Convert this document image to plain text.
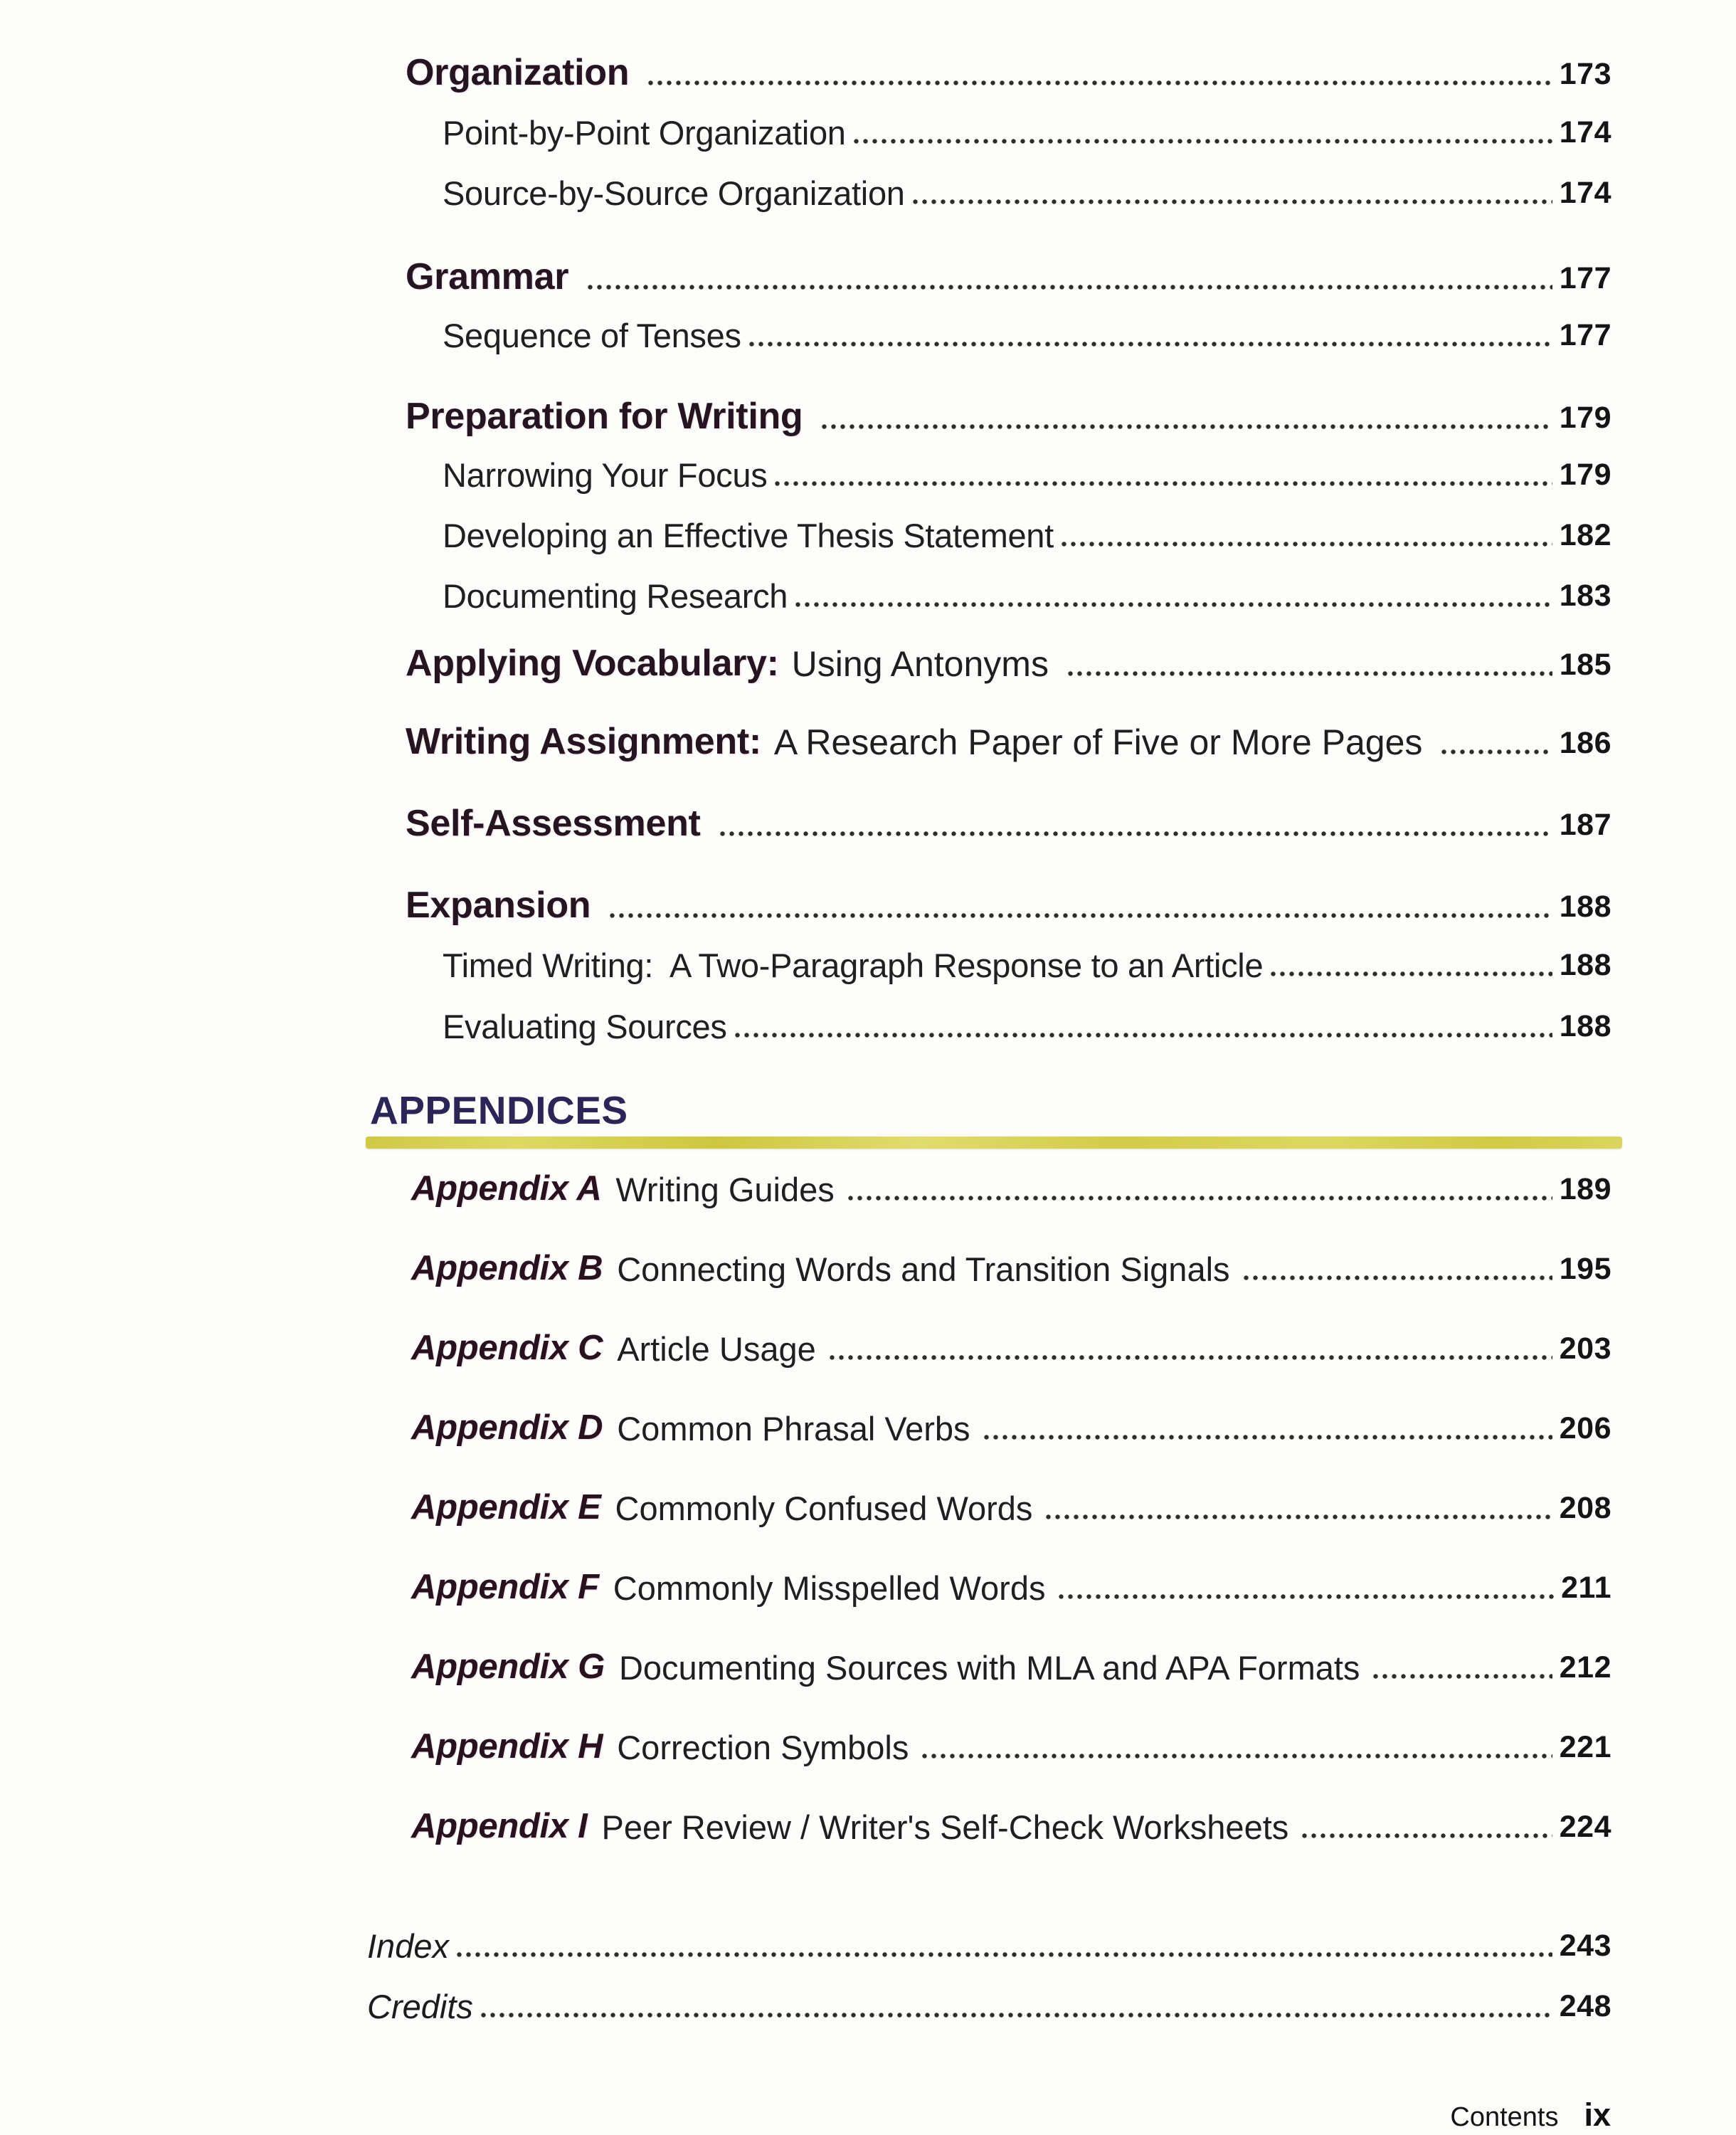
Organization	173
Point-by-Point Organization	174
Source-by-Source Organization	174
Grammar	177
Sequence of Tenses	177
Preparation for Writing	179
Narrowing Your Focus	179
Developing an Effective Thesis Statement	182
Documenting Research	183
Applying Vocabulary: Using Antonyms	185
Writing Assignment: A Research Paper of Five or More Pages	186
Self-Assessment	187
Expansion	188
Timed Writing:  A Two-Paragraph Response to an Article	188
Evaluating Sources	188
APPENDICES
Appendix A Writing Guides	189
Appendix B Connecting Words and Transition Signals	195
Appendix C Article Usage	203
Appendix D Common Phrasal Verbs	206
Appendix E Commonly Confused Words	208
Appendix F Commonly Misspelled Words	211
Appendix G Documenting Sources with MLA and APA Formats	212
Appendix H Correction Symbols	221
Appendix I Peer Review / Writer's Self-Check Worksheets	224
Index	243
Credits	248
Contents ix
